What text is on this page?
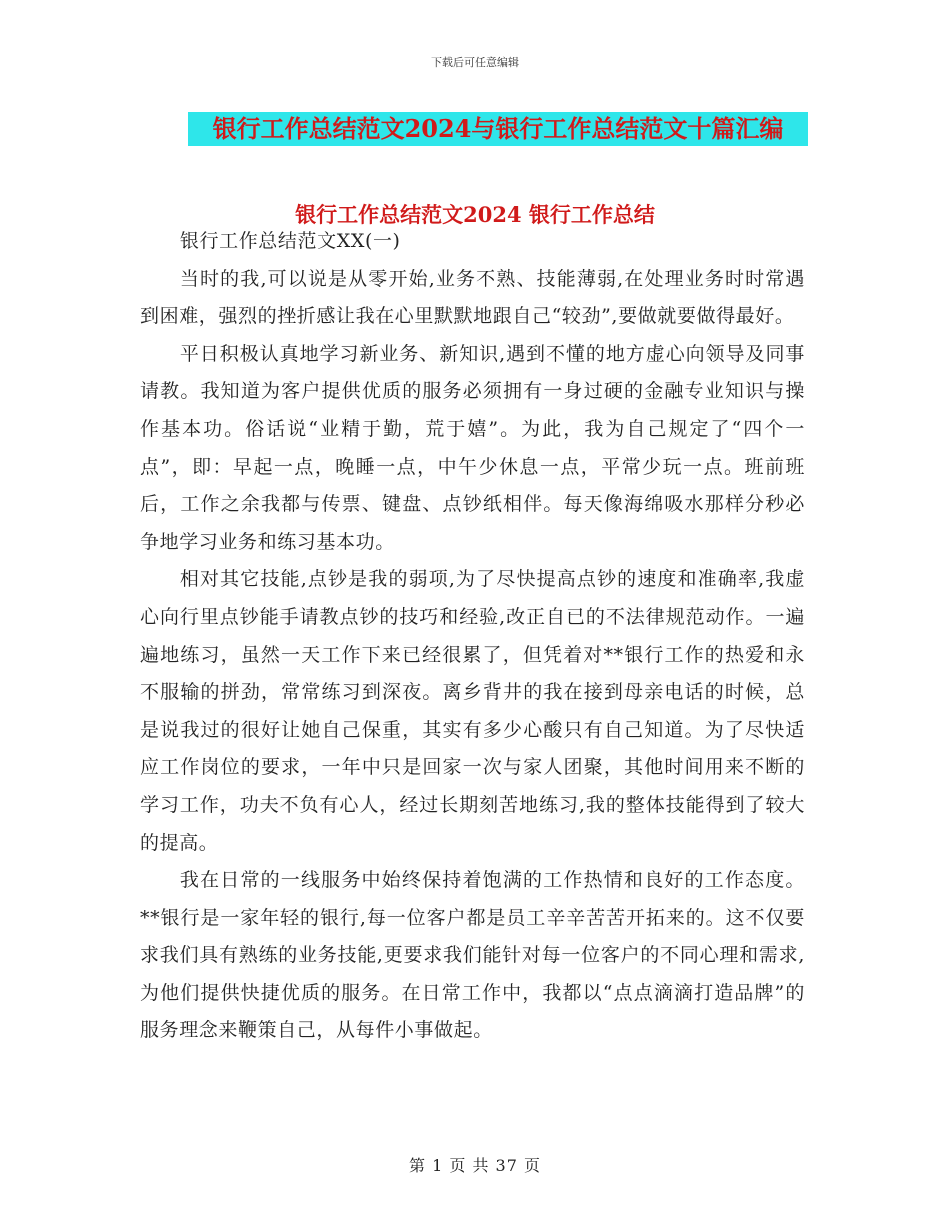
下载后可任意编辑
银行工作总结范文2024与银行工作总结范文十篇汇编
银行工作总结范文2024 银行工作总结

银行工作总结范文XX(一)

当时的我,可以说是从零开始,业务不熟、技能薄弱,在处理业务时时常遇到困难，强烈的挫折感让我在心里默默地跟自己“较劲”,要做就要做得最好。

平日积极认真地学习新业务、新知识,遇到不懂的地方虚心向领导及同事请教。我知道为客户提供优质的服务必须拥有一身过硬的金融专业知识与操作基本功。俗话说“业精于勤，荒于嬉”。为此，我为自己规定了“四个一点”，即：早起一点，晚睡一点，中午少休息一点，平常少玩一点。班前班后，工作之余我都与传票、键盘、点钞纸相伴。每天像海绵吸水那样分秒必争地学习业务和练习基本功。

相对其它技能,点钞是我的弱项,为了尽快提高点钞的速度和准确率,我虚心向行里点钞能手请教点钞的技巧和经验,改正自已的不法律规范动作。一遍遍地练习，虽然一天工作下来已经很累了，但凭着对**银行工作的热爱和永不服输的拼劲，常常练习到深夜。离乡背井的我在接到母亲电话的时候，总是说我过的很好让她自己保重，其实有多少心酸只有自己知道。为了尽快适应工作岗位的要求，一年中只是回家一次与家人团聚，其他时间用来不断的学习工作，功夫不负有心人，经过长期刻苦地练习,我的整体技能得到了较大的提高。

我在日常的一线服务中始终保持着饱满的工作热情和良好的工作态度。**银行是一家年轻的银行,每一位客户都是员工辛辛苦苦开拓来的。这不仅要求我们具有熟练的业务技能,更要求我们能针对每一位客户的不同心理和需求,为他们提供快捷优质的服务。在日常工作中，我都以“点点滴滴打造品牌”的服务理念来鞭策自己，从每件小事做起。

第 1 页 共 37 页
